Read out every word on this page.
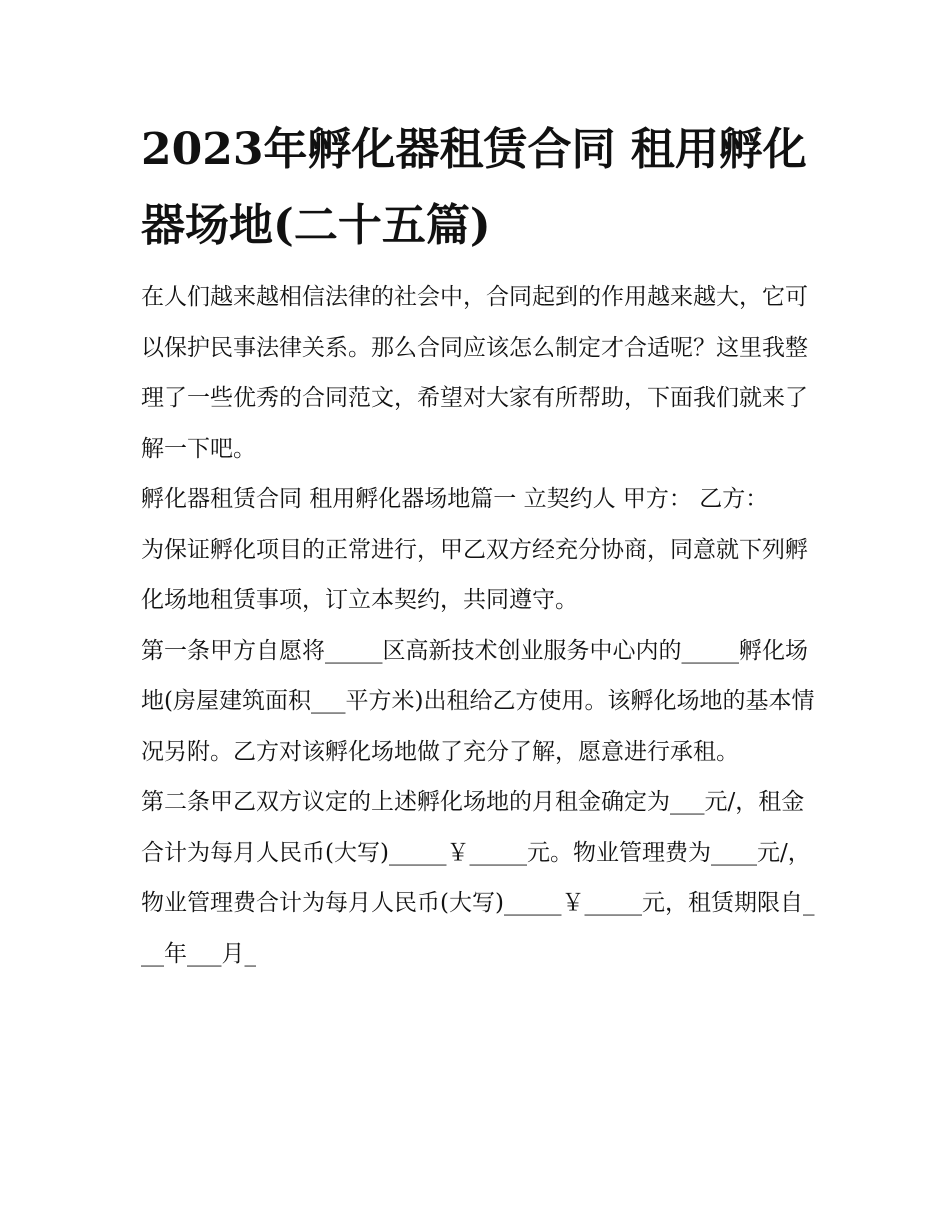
2023年孵化器租赁合同 租用孵化器场地(二十五篇)

在人们越来越相信法律的社会中，合同起到的作用越来越大，它可以保护民事法律关系。那么合同应该怎么制定才合适呢？这里我整理了一些优秀的合同范文，希望对大家有所帮助，下面我们就来了解一下吧。

孵化器租赁合同 租用孵化器场地篇一 立契约人 甲方： 乙方：

为保证孵化项目的正常进行，甲乙双方经充分协商，同意就下列孵化场地租赁事项，订立本契约，共同遵守。

第一条甲方自愿将_____区高新技术创业服务中心内的_____孵化场地(房屋建筑面积___平方米)出租给乙方使用。该孵化场地的基本情况另附。乙方对该孵化场地做了充分了解，愿意进行承租。

第二条甲乙双方议定的上述孵化场地的月租金确定为___元/，租金合计为每月人民币(大写)_____￥_____元。物业管理费为____元/，物业管理费合计为每月人民币(大写)_____￥_____元，租赁期限自___年___月_
